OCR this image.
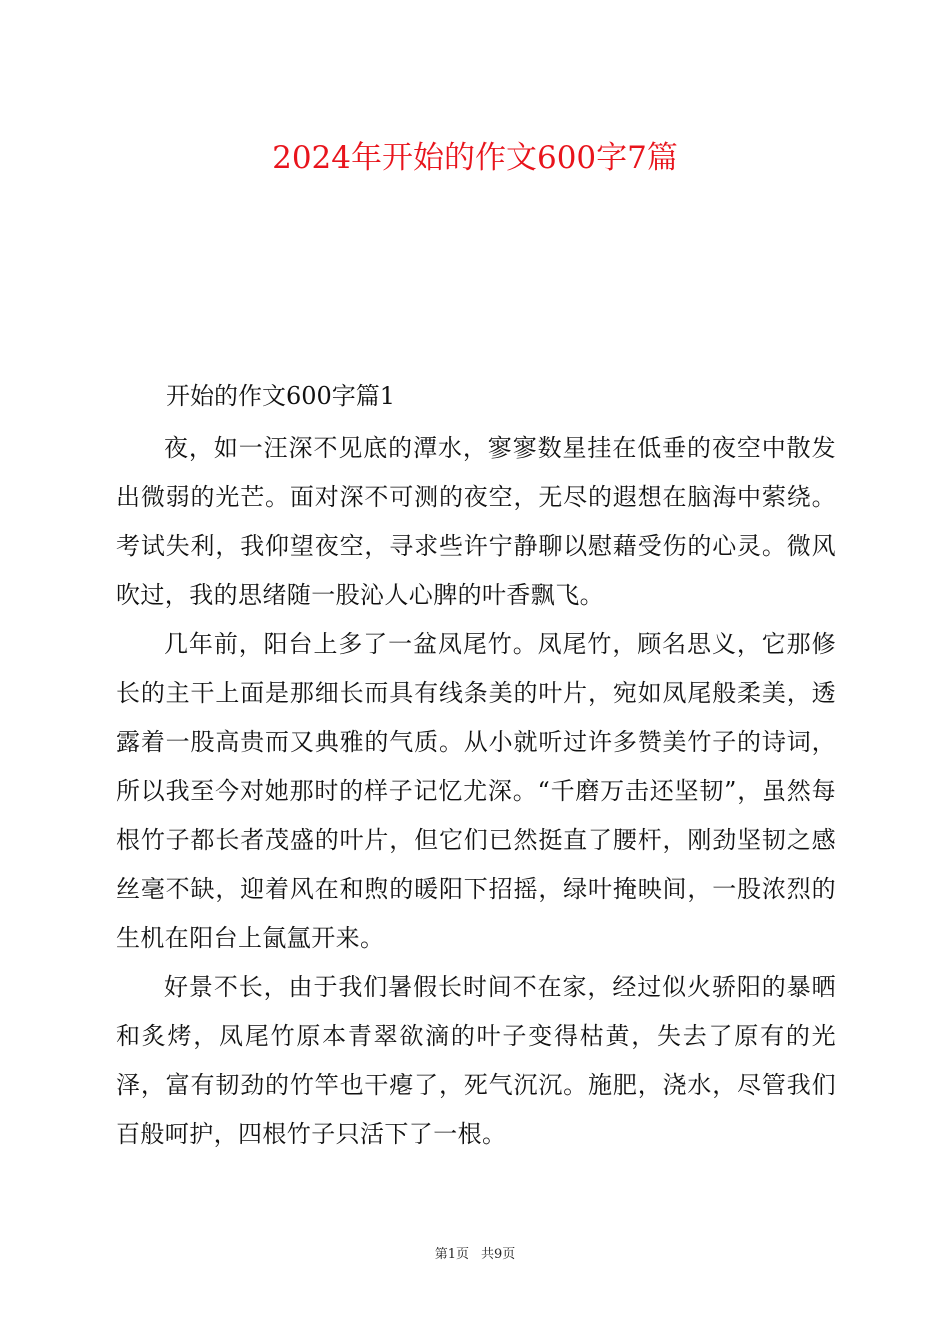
2024年开始的作文600字7篇
开始的作文600字篇1

夜，如一汪深不见底的潭水，寥寥数星挂在低垂的夜空中散发出微弱的光芒。面对深不可测的夜空，无尽的遐想在脑海中萦绕。考试失利，我仰望夜空，寻求些许宁静聊以慰藉受伤的心灵。微风吹过，我的思绪随一股沁人心脾的叶香飘飞。

几年前，阳台上多了一盆凤尾竹。凤尾竹，顾名思义，它那修长的主干上面是那细长而具有线条美的叶片，宛如凤尾般柔美，透露着一股高贵而又典雅的气质。从小就听过许多赞美竹子的诗词，所以我至今对她那时的样子记忆尤深。“千磨万击还坚韧”，虽然每根竹子都长者茂盛的叶片，但它们已然挺直了腰杆，刚劲坚韧之感丝毫不缺，迎着风在和煦的暖阳下招摇，绿叶掩映间，一股浓烈的生机在阳台上氤氲开来。

好景不长，由于我们暑假长时间不在家，经过似火骄阳的暴晒和炙烤，凤尾竹原本青翠欲滴的叶子变得枯黄，失去了原有的光泽，富有韧劲的竹竿也干瘪了，死气沉沉。施肥，浇水，尽管我们百般呵护，四根竹子只活下了一根。

第1页 共9页
